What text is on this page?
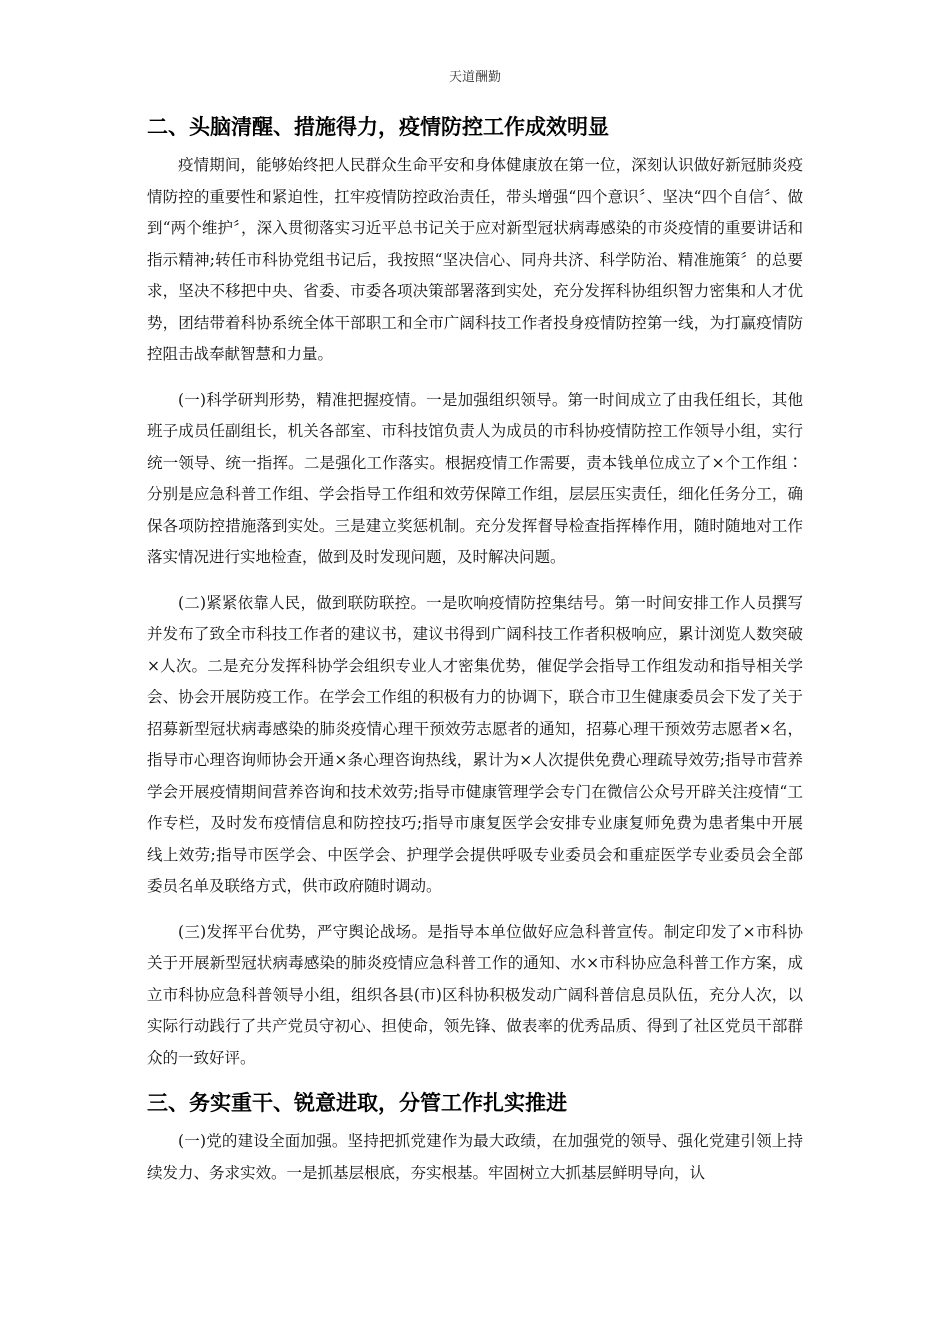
天道酬勤
二、头脑清醒、措施得力，疫情防控工作成效明显

疫情期间，能够始终把人民群众生命平安和身体健康放在第一位，深刻认识做好新冠肺炎疫情防控的重要性和紧迫性，扛牢疫情防控政治责任，带头增强“四个意识〞、坚决“四个自信〞、做到“两个维护〞，深入贯彻落实习近平总书记关于应对新型冠状病毒感染的市炎疫情的重要讲话和指示精神;转任市科协党组书记后，我按照“坚决信心、同舟共济、科学防治、精准施策〞的总要求，坚决不移把中央、省委、市委各项决策部署落到实处，充分发挥科协组织智力密集和人才优势，团结带着科协系统全体干部职工和全市广阔科技工作者投身疫情防控第一线，为打赢疫情防控阻击战奉献智慧和力量。

(一)科学研判形势，精准把握疫情。一是加强组织领导。第一时间成立了由我任组长，其他班子成员任副组长，机关各部室、市科技馆负责人为成员的市科协疫情防控工作领导小组，实行统一领导、统一指挥。二是强化工作落实。根据疫情工作需要，责本钱单位成立了×个工作组∶分别是应急科普工作组、学会指导工作组和效劳保障工作组，层层压实责任，细化任务分工，确保各项防控措施落到实处。三是建立奖惩机制。充分发挥督导检查指挥棒作用，随时随地对工作落实情况进行实地检查，做到及时发现问题，及时解决问题。

(二)紧紧依靠人民，做到联防联控。一是吹响疫情防控集结号。第一时间安排工作人员撰写并发布了致全市科技工作者的建议书，建议书得到广阔科技工作者积极响应，累计浏览人数突破×人次。二是充分发挥科协学会组织专业人才密集优势，催促学会指导工作组发动和指导相关学会、协会开展防疫工作。在学会工作组的积极有力的协调下，联合市卫生健康委员会下发了关于招募新型冠状病毒感染的肺炎疫情心理干预效劳志愿者的通知，招募心理干预效劳志愿者×名，指导市心理咨询师协会开通×条心理咨询热线，累计为×人次提供免费心理疏导效劳;指导市营养学会开展疫情期间营养咨询和技术效劳;指导市健康管理学会专门在微信公众号开辟关注疫情“工作专栏，及时发布疫情信息和防控技巧;指导市康复医学会安排专业康复师免费为患者集中开展线上效劳;指导市医学会、中医学会、护理学会提供呼吸专业委员会和重症医学专业委员会全部委员名单及联络方式，供市政府随时调动。

(三)发挥平台优势，严守舆论战场。是指导本单位做好应急科普宣传。制定印发了×市科协关于开展新型冠状病毒感染的肺炎疫情应急科普工作的通知、水×市科协应急科普工作方案，成立市科协应急科普领导小组，组织各县(市)区科协积极发动广阔科普信息员队伍，充分人次，以实际行动践行了共产党员守初心、担使命，领先锋、做表率的优秀品质、得到了社区党员干部群众的一致好评。

三、务实重干、锐意进取，分管工作扎实推进

(一)党的建设全面加强。坚持把抓党建作为最大政绩，在加强党的领导、强化党建引领上持续发力、务求实效。一是抓基层根底，夯实根基。牢固树立大抓基层鲜明导向，认
